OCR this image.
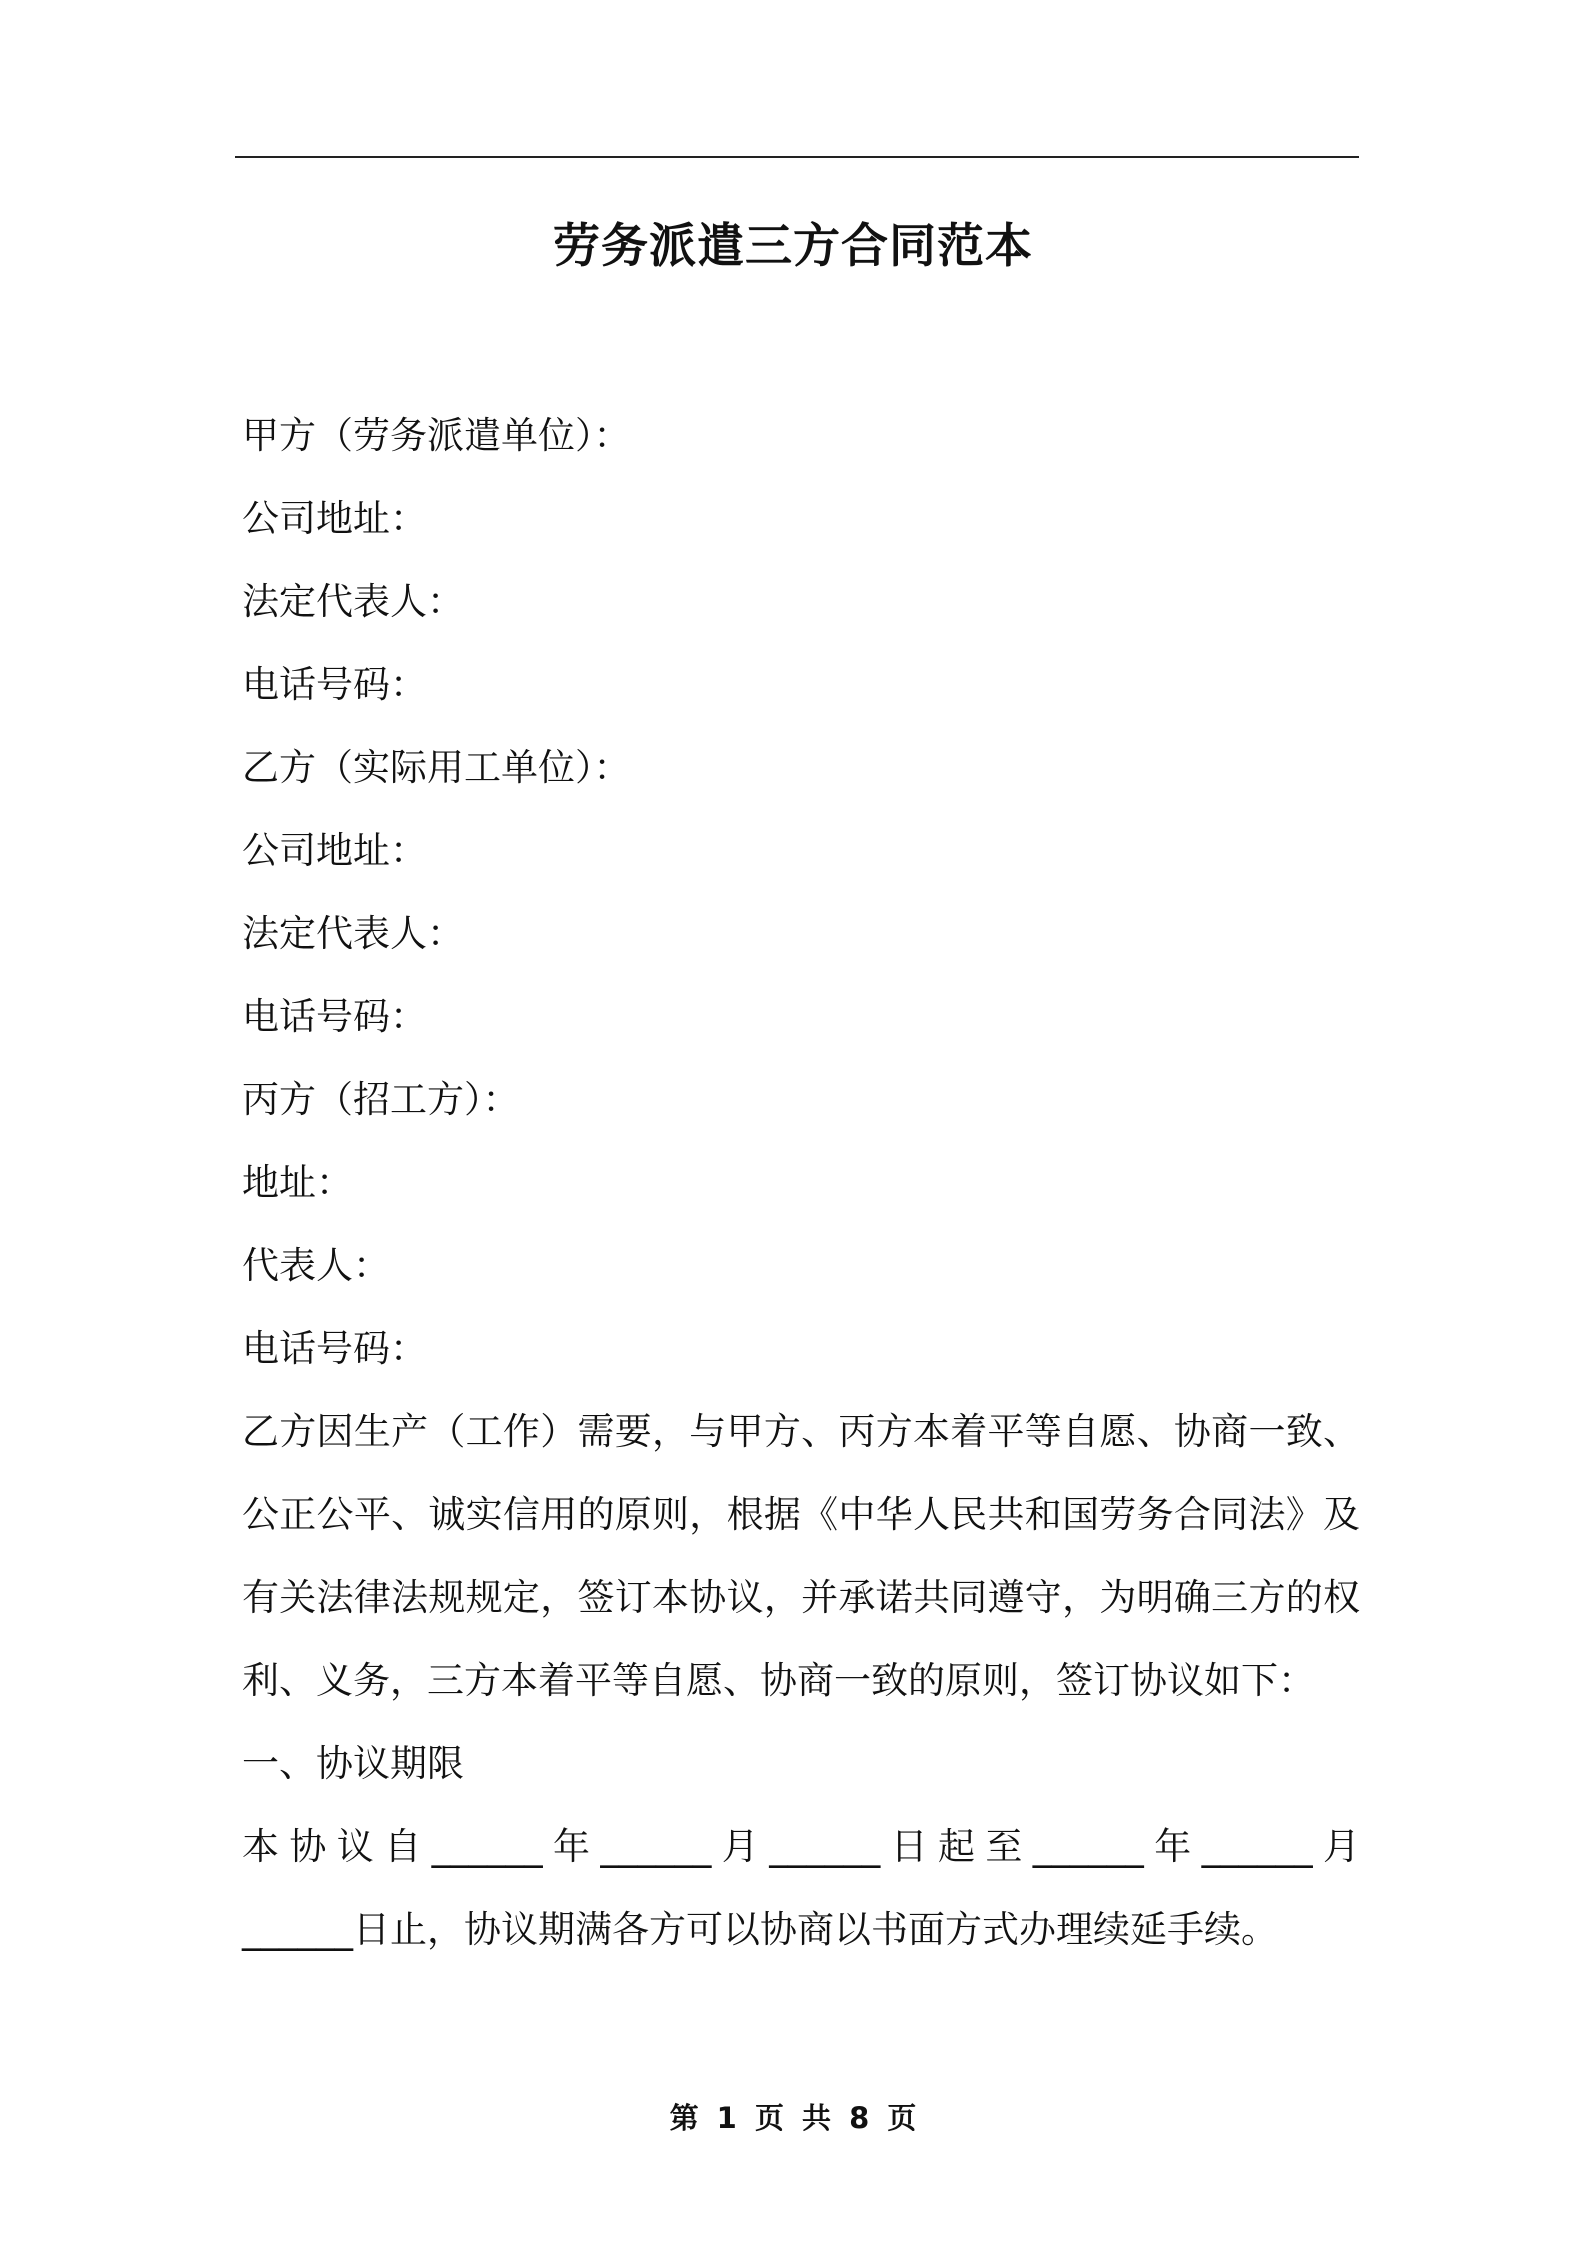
劳务派遣三方合同范本
甲方（劳务派遣单位）：
公司地址：
法定代表人：
电话号码：
乙方（实际用工单位）：
公司地址：
法定代表人：
电话号码：
丙方（招工方）：
地址：
代表人：
电话号码：
乙方因生产（工作）需要，与甲方、丙方本着平等自愿、协商一致、
公正公平、诚实信用的原则，根据《中华人民共和国劳务合同法》及
有关法律法规规定，签订本协议，并承诺共同遵守，为明确三方的权
利、义务，三方本着平等自愿、协商一致的原则，签订协议如下：
一、协议期限
本协议自______年______月______日起至______年______月
______日止，协议期满各方可以协商以书面方式办理续延手续。
第 1 页 共 8 页
